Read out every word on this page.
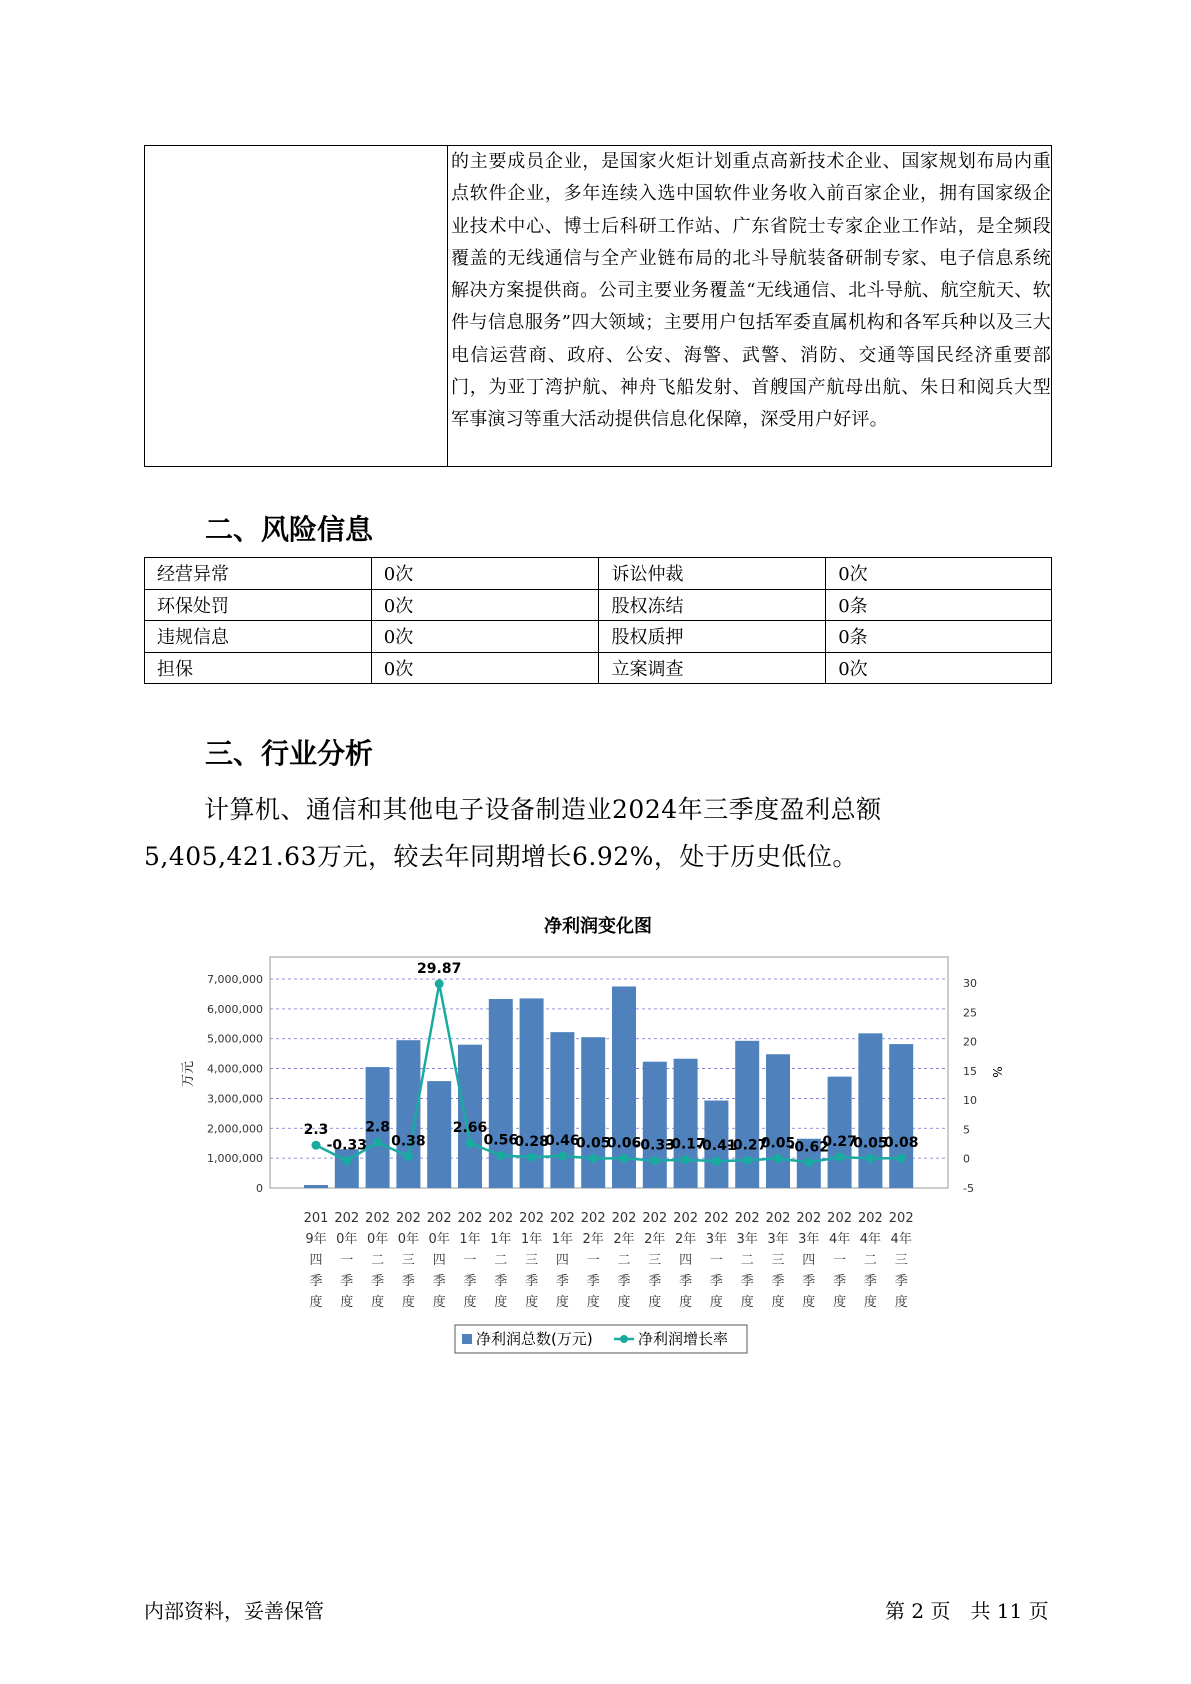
的主要成员企业，是国家火炬计划重点高新技术企业、国家规划布局内重点软件企业，多年连续入选中国软件业务收入前百家企业，拥有国家级企业技术中心、博士后科研工作站、广东省院士专家企业工作站，是全频段覆盖的无线通信与全产业链布局的北斗导航装备研制专家、电子信息系统解决方案提供商。公司主要业务覆盖“无线通信、北斗导航、航空航天、软件与信息服务”四大领域；主要用户包括军委直属机构和各军兵种以及三大电信运营商、政府、公安、海警、武警、消防、交通等国民经济重要部门，为亚丁湾护航、神舟飞船发射、首艘国产航母出航、朱日和阅兵大型军事演习等重大活动提供信息化保障，深受用户好评。

二、风险信息
经营异常	0次	诉讼仲裁	0次
环保处罚	0次	股权冻结	0条
违规信息	0次	股权质押	0条
担保	0次	立案调查	0次
三、行业分析
计算机、通信和其他电子设备制造业2024年三季度盈利总额
5,405,421.63万元，较去年同期增长6.92%，处于历史低位。
净利润变化图
0
1,000,000
2,000,000
3,000,000
4,000,000
5,000,000
6,000,000
7,000,000
-5
0
5
10
15
20
25
30
万元	%
2.3
-0.33
2.8
0.38
29.87
2.66
0.56
0.28
0.46
0.05
0.06
-0.33
-0.17
-0.41
-0.27
0.05
-0.62
0.27
0.05
0.08
201
9年
四
季
度
202
0年
一
季
度
202
0年
二
季
度
202
0年
三
季
度
202
0年
四
季
度
202
1年
一
季
度
202
1年
二
季
度
202
1年
三
季
度
202
1年
四
季
度
202
2年
一
季
度
202
2年
二
季
度
202
2年
三
季
度
202
2年
四
季
度
202
3年
一
季
度
202
3年
二
季
度
202
3年
三
季
度
202
3年
四
季
度
202
4年
一
季
度
202
4年
二
季
度
202
4年
三
季
度
净利润总数(万元)	净利润增长率
内部资料，妥善保管	第 2 页　共 11 页
